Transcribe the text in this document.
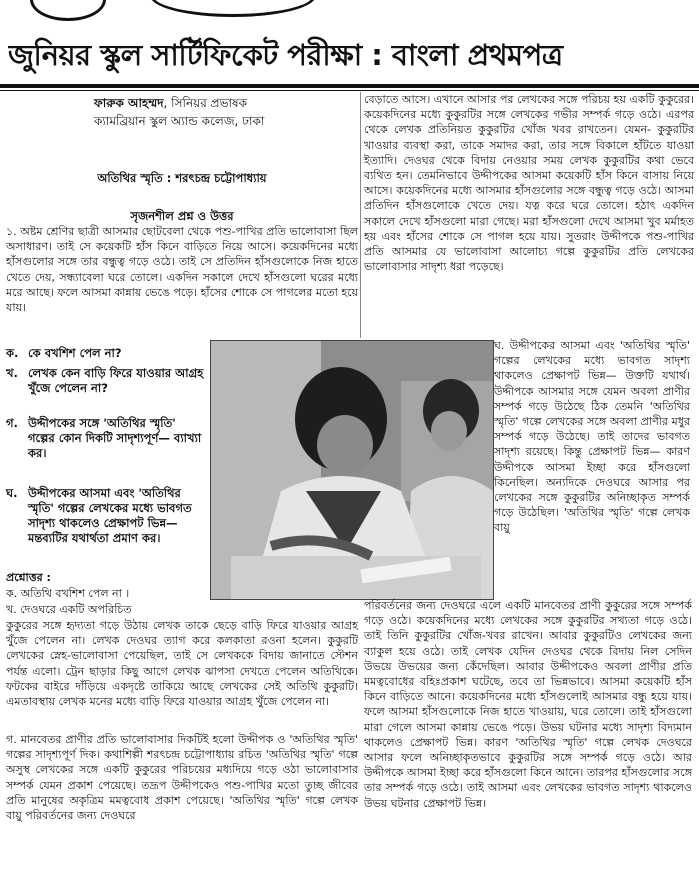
জুনিয়র স্কুল সার্টিফিকেট পরীক্ষা : বাংলা প্রথমপত্র
ফারুক আহম্মদ, সিনিয়র প্রভাষক
ক্যামব্রিয়ান স্কুল অ্যান্ড কলেজ, ঢাকা
অতিথির স্মৃতি : শরৎচন্দ্র চট্টোপাধ্যায়
সৃজনশীল প্রশ্ন ও উত্তর

১. অষ্টম শ্রেণির ছাত্রী আসমার ছোটবেলা থেকে পশু-পাখির প্রতি ভালোবাসা ছিল অসাধারণ। তাই সে কয়েকটি হাঁস কিনে বাড়িতে নিয়ে আসে। কয়েকদিনের মধ্যে হাঁসগুলোর সঙ্গে তার বন্ধুত্ব গড়ে ওঠে। তাই সে প্রতিদিন হাঁসগুলোকে নিজ হাতে খেতে দেয়, সন্ধ্যাবেলা ঘরে তোলে। একদিন সকালে দেখে হাঁসগুলো ঘরের মধ্যে মরে আছে। ফলে আসমা কান্নায় ভেঙে পড়ে। হাঁসের শোকে সে পাগলের মতো হয়ে যায়।

ক. কে বখশিশ পেল না?
খ. লেখক কেন বাড়ি ফিরে যাওয়ার আগ্রহ খুঁজে পেলেন না?
গ. উদ্দীপকের সঙ্গে 'অতিথির স্মৃতি' গল্পের কোন দিকটি সাদৃশ্যপূর্ণ— ব্যাখ্যা কর।
ঘ. উদ্দীপকের আসমা এবং 'অতিথির স্মৃতি' গল্পের লেখকের মধ্যে ভাবগত সাদৃশ্য থাকলেও প্রেক্ষাপট ভিন্ন—মন্তব্যটির যথার্থতা প্রমাণ কর।
প্রশ্নোত্তর :
ক. অতিথি বখশিশ পেল না ।
খ. দেওঘরে একটি অপরিচিত

কুকুরের সঙ্গে হৃদ্যতা গড়ে উঠায় লেখক তাকে ছেড়ে বাড়ি ফিরে যাওয়ার আগ্রহ খুঁজে পেলেন না। লেখক দেওঘর ত্যাগ করে কলকাতা রওনা হলেন। কুকুরটি লেখকের স্নেহ-ভালোবাসা পেয়েছিল, তাই সে লেখককে বিদায় জানাতে স্টেশন পর্যন্ত এলো। ট্রেন ছাড়ার কিছু আগে লেখক ঝাপসা দেখতে পেলেন অতিথিকে। ফটকের বাইরে দাঁড়িয়ে একদৃষ্টে তাকিয়ে আছে লেখকের সেই অতিথি কুকুরটি। এমতাবস্থায় লেখক মনের মধ্যে বাড়ি ফিরে যাওয়ার আগ্রহ খুঁজে পেলেন না।

গ. মানবেতর প্রাণীর প্রতি ভালোবাসার দিকটিই হলো উদ্দীপক ও 'অতিথির স্মৃতি' গল্পের সাদৃশ্যপূর্ণ দিক। কথাশিল্পী শরৎচন্দ্র চট্টোপাধ্যায় রচিত 'অতিথির স্মৃতি' গল্পে অসুস্থ লেখকের সঙ্গে একটি কুকুরের পরিচয়ের মধ্যদিয়ে গড়ে ওঠা ভালোবাসার সম্পর্ক যেমন প্রকাশ পেয়েছে। তদ্রূপ উদ্দীপকেও পশু-পাখির মতো তুচ্ছ জীবের প্রতি মানুষের অকৃত্রিম মমত্ববোধ প্রকাশ পেয়েছে। 'অতিথির স্মৃতি' গল্পে লেখক বায়ু পরিবর্তনের জন্য দেওঘরে

বেড়াতে আসে। এখানে আসার পর লেখকের সঙ্গে পরিচয় হয় একটি কুকুরের। কয়েকদিনের মধ্যে কুকুরটির সঙ্গে লেখকের গভীর সম্পর্ক গড়ে ওঠে। এরপর থেকে লেখক প্রতিনিয়ত কুকুরটির খোঁজ খবর রাখতেন। যেমন- কুকুরটির খাওয়ার ব্যবস্থা করা, তাকে সমাদর করা, তার সঙ্গে বিকালে হাঁটতে যাওয়া ইত্যাদি। দেওঘর থেকে বিদায় নেওয়ার সময় লেখক কুকুরটির কথা ভেবে ব্যথিত হন। তেমনিভাবে উদ্দীপকের আসমা কয়েকটি হাঁস কিনে বাসায় নিয়ে আসে। কয়েকদিনের মধ্যে আসমার হাঁসগুলোর সঙ্গে বন্ধুত্ব গড়ে ওঠে। আসমা প্রতিদিন হাঁসগুলোকে খেতে দেয়। যত্ন করে ঘরে তোলে। হঠাৎ একদিন সকালে দেখে হাঁসগুলো মারা গেছে। মরা হাঁসগুলো দেখে আসমা খুব মর্মাহত হয় এবং হাঁসের শোকে সে পাগল হয়ে যায়। সুতরাং উদ্দীপকে পশু-পাখির প্রতি আসমার যে ভালোবাসা আলোচ্য গল্পে কুকুরটির প্রতি লেখকের ভালোবাসার সাদৃশ্য ধরা পড়েছে।

ঘ. উদ্দীপকের আসমা এবং 'অতিথির স্মৃতি' গল্পের লেখকের মধ্যে ভাবগত সাদৃশ্য থাকলেও প্রেক্ষাপট ভিন্ন— উক্তটি যথার্থ। উদ্দীপকে আসমার সঙ্গে যেমন অবলা প্রাণীর সম্পর্ক গড়ে উঠেছে ঠিক তেমনি 'অতিথির স্মৃতি' গল্পে লেখকের সঙ্গে অবলা প্রাণীর মধুর সম্পর্ক গড়ে উঠেছে। তাই তাদের ভাবগত সাদৃশ্য রয়েছে। কিন্তু প্রেক্ষাপট ভিন্ন— কারণ উদ্দীপকে আসমা ইচ্ছা করে হাঁসগুলো কিনেছিল। অন্যদিকে দেওঘরে আসার পর লেখকের সঙ্গে কুকুরটির অনিচ্ছাকৃত সম্পর্ক গড়ে উঠেছিল। 'অতিথির স্মৃতি' গল্পে লেখক বায়ু

পরিবর্তনের জন্য দেওঘরে এলে একটি মানবেতর প্রাণী কুকুরের সঙ্গে সম্পর্ক গড়ে ওঠে। কয়েকদিনের মধ্যে লেখকের সঙ্গে কুকুরটির সখ্যতা গড়ে ওঠে। তাই তিনি কুকুরটির খোঁজ-খবর রাখেন। আবার কুকুরটিও লেখকের জন্য ব্যাকুল হয়ে ওঠে। তাই লেখক যেদিন দেওঘর থেকে বিদায় নিল সেদিন উভয়ে উভয়ের জন্য কেঁদেছিল। আবার উদ্দীপকেও অবলা প্রাণীর প্রতি মমত্ববোধের বহিঃপ্রকাশ ঘটেছে, তবে তা ভিন্নভাবে। আসমা কয়েকটি হাঁস কিনে বাড়িতে আনে। কয়েকদিনের মধ্যে হাঁসগুলোই আসমার বন্ধু হয়ে যায়। ফলে আসমা হাঁসগুলোকে নিজ হাতে খাওয়ায়, ঘরে তোলে। তাই হাঁসগুলো মারা গেলে আসমা কান্নায় ভেঙে পড়ে। উভয় ঘটনার মধ্যে সাদৃশ্য বিদ্যমান থাকলেও প্রেক্ষাপট ভিন্ন। কারণ 'অতিথির স্মৃতি' গল্পে লেখক দেওঘরে আসার ফলে অনিচ্ছাকৃতভাবে কুকুরটির সঙ্গে সম্পর্ক গড়ে ওঠে। আর উদ্দীপকে আসমা ইচ্ছা করে হাঁসগুলো কিনে আনে। তারপর হাঁসগুলোর সঙ্গে তার সম্পর্ক গড়ে ওঠে। তাই আসমা এবং লেখকের ভাবগত সাদৃশ্য থাকলেও উভয় ঘটনার প্রেক্ষাপট ভিন্ন।
